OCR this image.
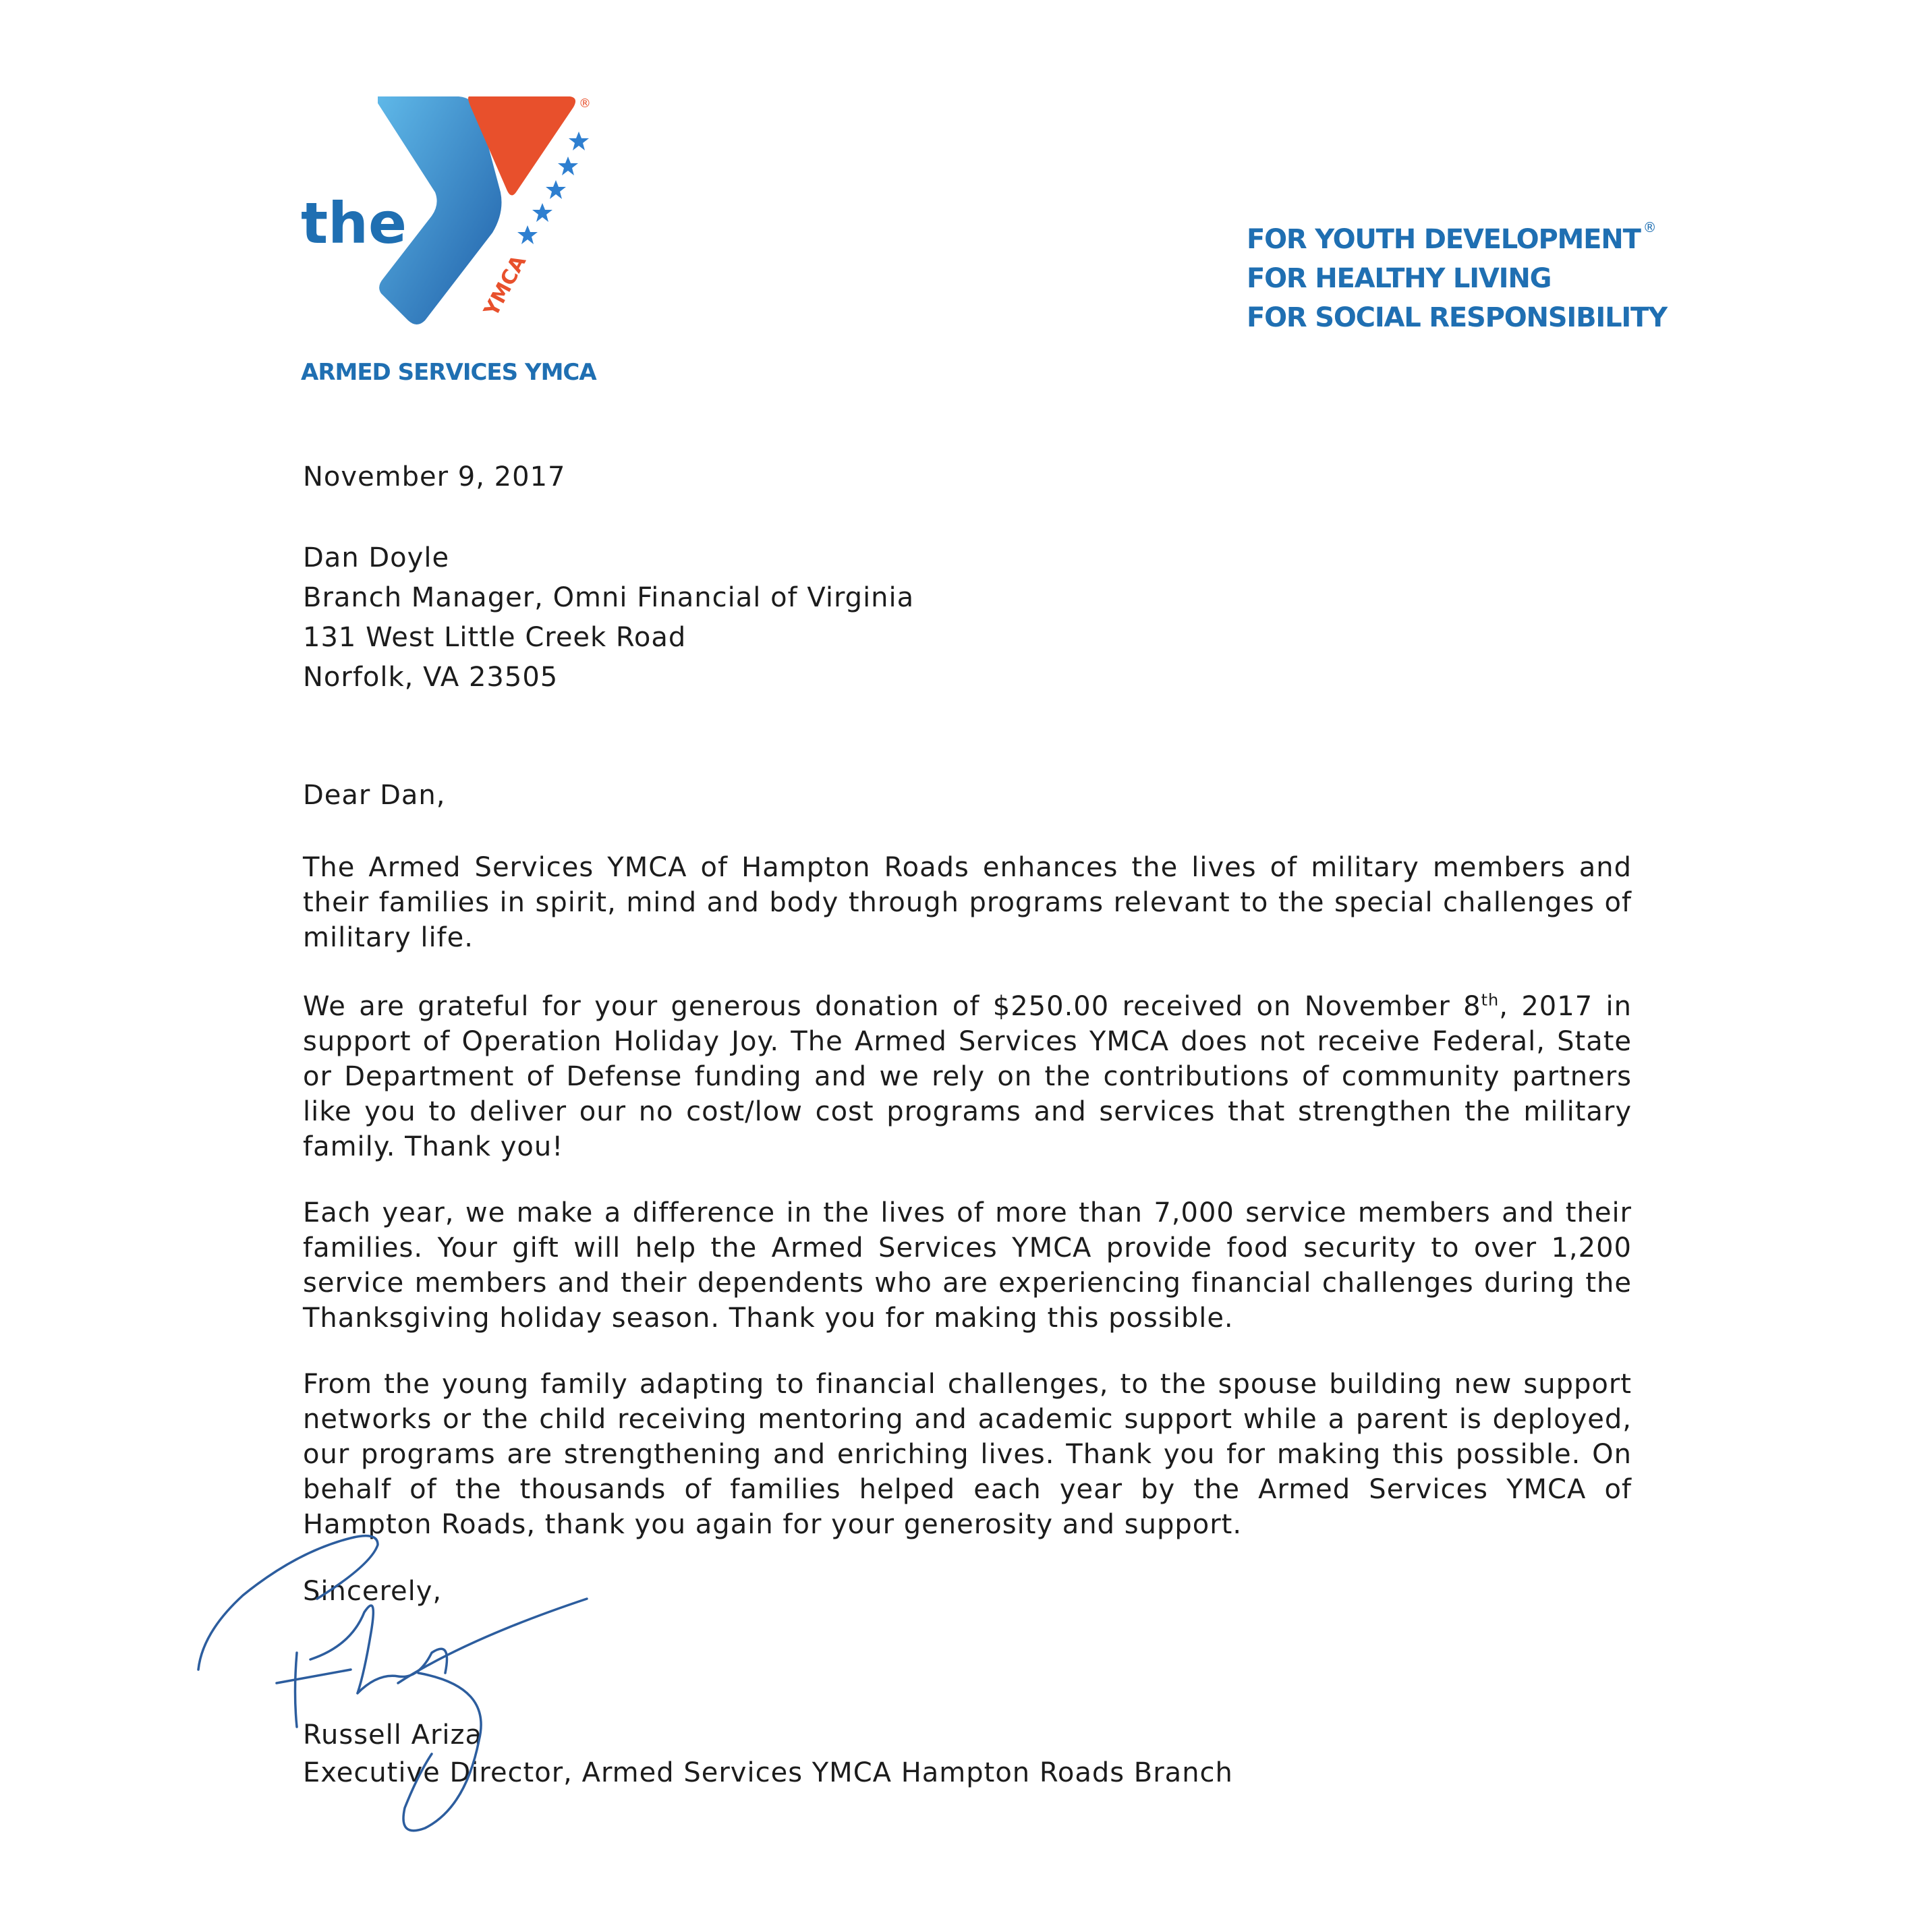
the
YMCA
®
ARMED SERVICES YMCA
FOR YOUTH DEVELOPMENT ®
FOR HEALTHY LIVING
FOR SOCIAL RESPONSIBILITY
November 9, 2017
Dan Doyle
Branch Manager, Omni Financial of Virginia
131 West Little Creek Road
Norfolk, VA 23505
Dear Dan,

The Armed Services YMCA of Hampton Roads enhances the lives of military members and their families in spirit, mind and body through programs relevant to the special challenges of military life.

We are grateful for your generous donation of $250.00 received on November 8th, 2017 in support of Operation Holiday Joy. The Armed Services YMCA does not receive Federal, State or Department of Defense funding and we rely on the contributions of community partners like you to deliver our no cost/low cost programs and services that strengthen the military family. Thank you!

Each year, we make a difference in the lives of more than 7,000 service members and their families. Your gift will help the Armed Services YMCA provide food security to over 1,200 service members and their dependents who are experiencing financial challenges during the Thanksgiving holiday season. Thank you for making this possible.

From the young family adapting to financial challenges, to the spouse building new support networks or the child receiving mentoring and academic support while a parent is deployed, our programs are strengthening and enriching lives. Thank you for making this possible. On behalf of the thousands of families helped each year by the Armed Services YMCA of Hampton Roads, thank you again for your generosity and support.

Sincerely,
Russell Ariza
Executive Director, Armed Services YMCA Hampton Roads Branch
